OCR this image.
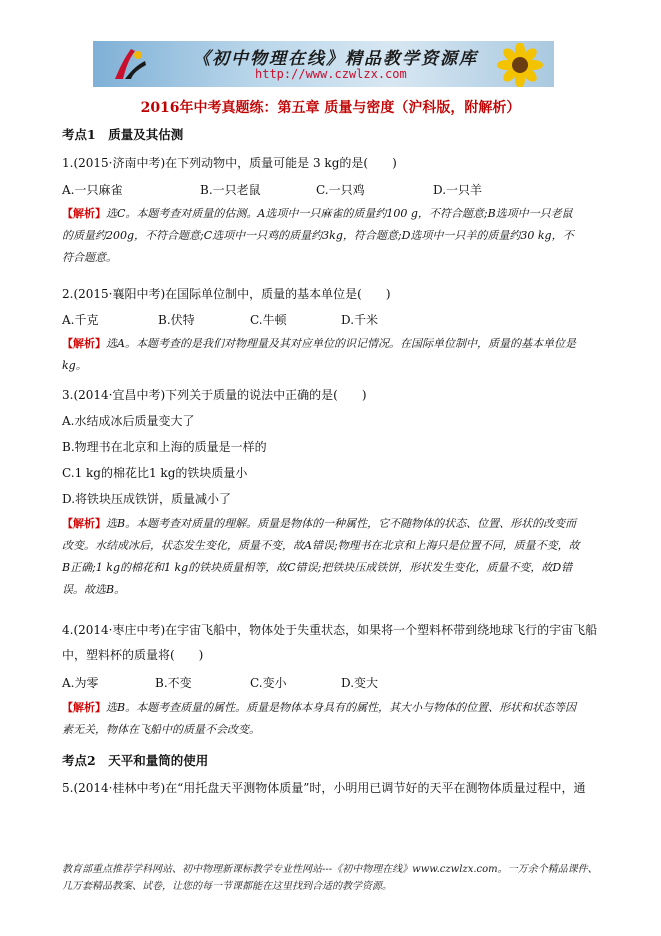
《初中物理在线》精品教学资源库
http://www.czwlzx.com
2016年中考真题练：第五章 质量与密度（沪科版，附解析）
考点1　质量及其估测
1.(2015·济南中考)在下列动物中，质量可能是 3 kg的是(　　)
A.一只麻雀	B.一只老鼠	C.一只鸡	D.一只羊
【解析】选C。本题考查对质量的估测。A选项中一只麻雀的质量约100 g，不符合题意;B选项中一只老鼠的质量约200g，不符合题意;C选项中一只鸡的质量约3kg，符合题意;D选项中一只羊的质量约30 kg，不符合题意。
2.(2015·襄阳中考)在国际单位制中，质量的基本单位是(　　)
A.千克	B.伏特	C.牛顿	D.千米
【解析】选A。本题考查的是我们对物理量及其对应单位的识记情况。在国际单位制中，质量的基本单位是kg。
3.(2014·宜昌中考)下列关于质量的说法中正确的是(　　)
A.水结成冰后质量变大了
B.物理书在北京和上海的质量是一样的
C.1 kg的棉花比1 kg的铁块质量小
D.将铁块压成铁饼，质量减小了
【解析】选B。本题考查对质量的理解。质量是物体的一种属性，它不随物体的状态、位置、形状的改变而改变。水结成冰后，状态发生变化，质量不变，故A错误;物理书在北京和上海只是位置不同，质量不变，故B正确;1 kg的棉花和1 kg的铁块质量相等，故C错误;把铁块压成铁饼，形状发生变化，质量不变，故D错误。故选B。
4.(2014·枣庄中考)在宇宙飞船中，物体处于失重状态，如果将一个塑料杯带到绕地球飞行的宇宙飞船
中，塑料杯的质量将(　　)
A.为零	B.不变	C.变小	D.变大
【解析】选B。本题考查质量的属性。质量是物体本身具有的属性，其大小与物体的位置、形状和状态等因素无关，物体在飞船中的质量不会改变。
考点2　天平和量筒的使用
5.(2014·桂林中考)在“用托盘天平测物体质量”时，小明用已调节好的天平在测物体质量过程中，通
教育部重点推荐学科网站、初中物理新课标教学专业性网站---《初中物理在线》www.czwlzx.com。一万余个精品课件、几万套精品教案、试卷，让您的每一节课都能在这里找到合适的教学资源。
